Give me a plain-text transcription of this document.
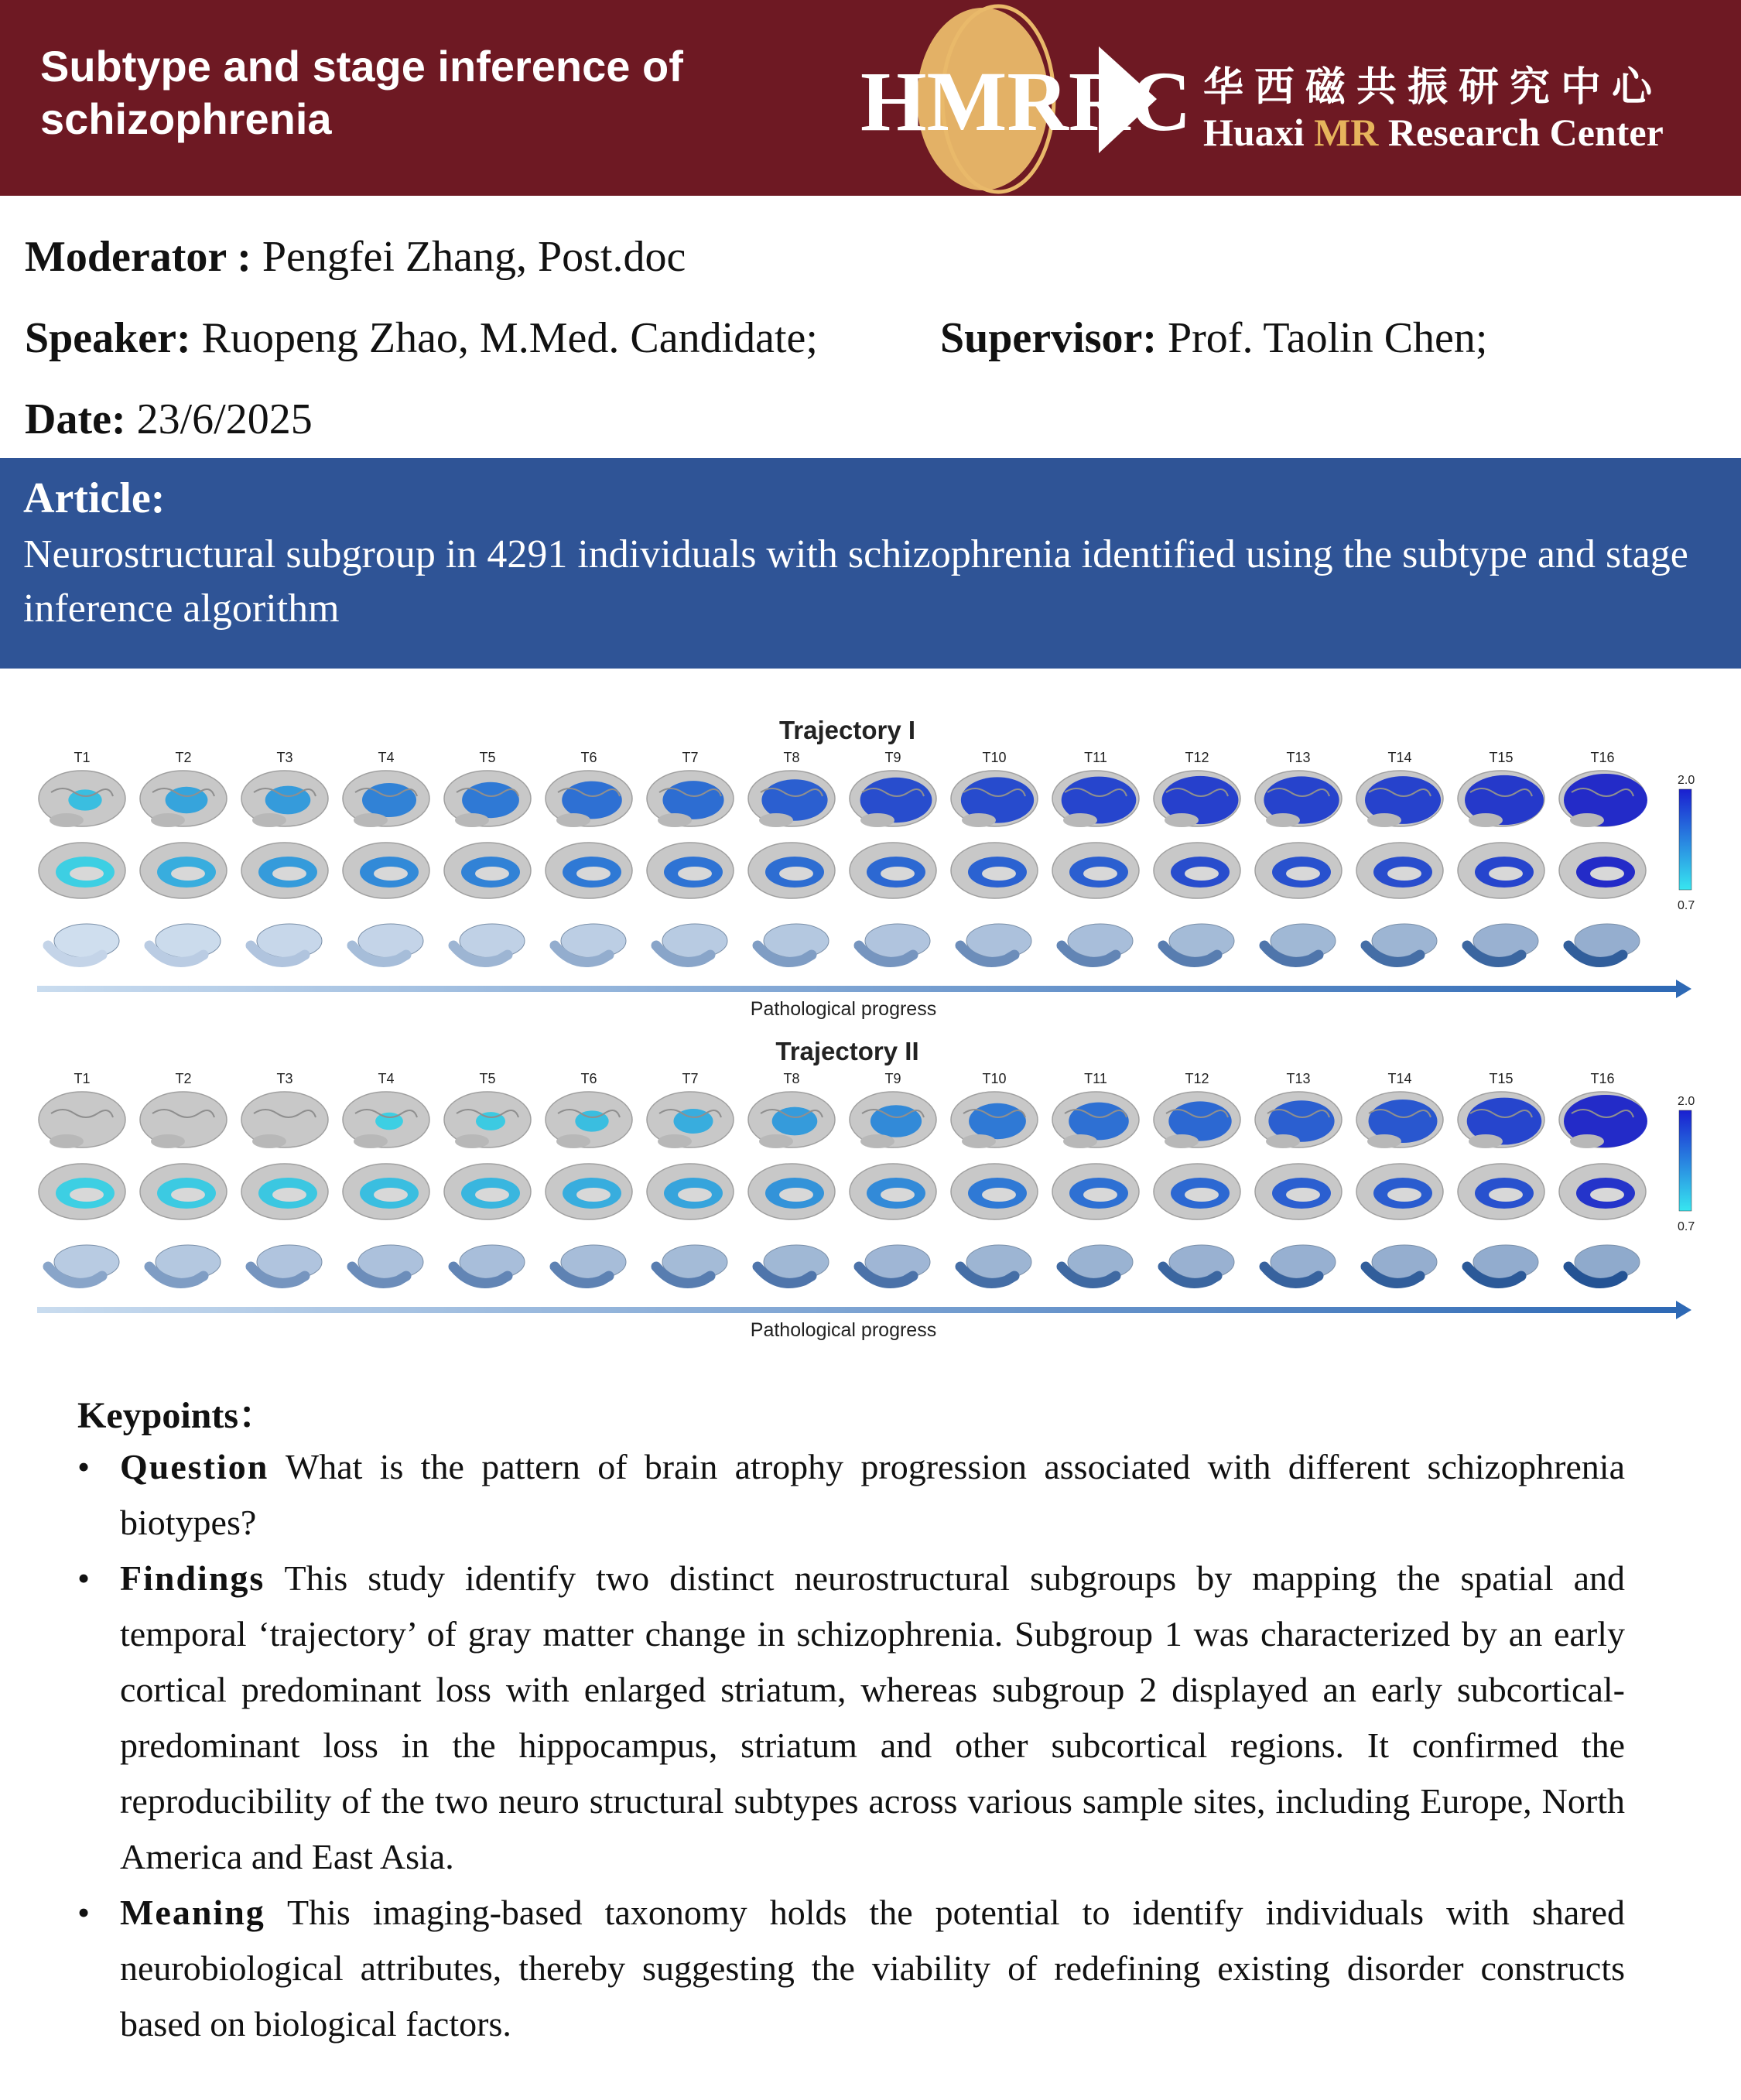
Subtype and stage inference of schizophrenia	HMRRC 华西磁共振研究中心
Huaxi MR Research Center
Moderator : Pengfei Zhang, Post.doc
Speaker: Ruopeng Zhao, M.Med. Candidate;	Supervisor: Prof. Taolin Chen;
Date: 23/6/2025
Article:
Neurostructural subgroup in 4291 individuals with schizophrenia identified using the subtype and stage inference algorithm
Trajectory I
T1	T2	T3	T4	T5	T6	T7	T8	T9	T10	T11	T12	T13	T14	T15	T16
2.0
0.7
Pathological progress
Trajectory II
T1	T2	T3	T4	T5	T6	T7	T8	T9	T10	T11	T12	T13	T14	T15	T16
2.0
0.7
Pathological progress
Keypoints：
• Question What is the pattern of brain atrophy progression associated with different schizophrenia biotypes?
• Findings This study identify two distinct neurostructural subgroups by mapping the spatial and temporal ‘trajectory’ of gray matter change in schizophrenia. Subgroup 1 was characterized by an early cortical predominant loss with enlarged striatum, whereas subgroup 2 displayed an early subcortical-predominant loss in the hippocampus, striatum and other subcortical regions. It confirmed the reproducibility of the two neuro structural subtypes across various sample sites, including Europe, North America and East Asia.
• Meaning This imaging-based taxonomy holds the potential to identify individuals with shared neurobiological attributes, thereby suggesting the viability of redefining existing disorder constructs based on biological factors.
